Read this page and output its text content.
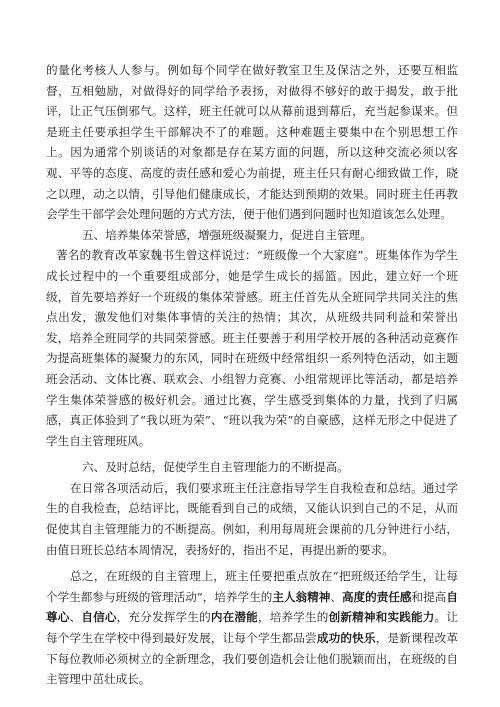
的量化考核人人参与。例如每个同学在做好教室卫生及保洁之外，还要互相监督，互相勉励，对做得好的同学给予表扬，对做得不够好的敢于揭发，敢于批评，让正气压倒邪气。这样，班主任就可以从幕前退到幕后，充当起参谋来。但是班主任要承担学生干部解决不了的难题。这种难题主要集中在个别思想工作上。因为通常个别谈话的对象都是存在某方面的问题，所以这种交流必须以客观、平等的态度、高度的责任感和爱心为前提，班主任只有耐心细致做工作，晓之以理，动之以情，引导他们健康成长，才能达到预期的效果。同时班主任再教会学生干部学会处理问题的方式方法，便于他们遇到问题时也知道该怎么处理。

五、培养集体荣誉感，增强班级凝聚力，促进自主管理。

著名的教育改革家魏书生曾这样说过：“班级像一个大家庭”。班集体作为学生成长过程中的一个重要组成部分，她是学生成长的摇篮。因此，建立好一个班级，首先要培养好一个班级的集体荣誉感。班主任首先从全班同学共同关注的焦点出发，激发他们对集体事情的关注的热情；其次，从班级共同利益和荣誉出发，培养全班同学的共同荣誉感。班主任要善于利用学校开展的各种活动竞赛作为提高班集体的凝聚力的东风，同时在班级中经常组织一系列特色活动，如主题班会活动、文体比赛、联欢会、小组智力竞赛、小组常规评比等活动，都是培养学生集体荣誉感的极好机会。通过比赛，学生感受到集体的力量，找到了归属感，真正体验到了“我以班为荣”、“班以我为荣”的自豪感，这样无形之中促进了学生自主管理班风。

六、及时总结，促使学生自主管理能力的不断提高。

在日常各项活动后，我们要求班主任注意指导学生自我检查和总结。通过学生的自我检查，总结评比，既能看到自己的成绩，又能认识到自己的不足，从而促使其自主管理能力的不断提高。例如，利用每周班会课前的几分钟进行小结，由值日班长总结本周情况，表扬好的，指出不足，再提出新的要求。

总之，在班级的自主管理上，班主任要把重点放在“把班级还给学生，让每个学生都参与班级的管理活动”，培养学生的主人翁精神、高度的责任感和提高自尊心、自信心，充分发挥学生的内在潜能，培养学生的创新精神和实践能力。让每个学生在学校中得到最好发展，让每个学生都品尝成功的快乐，是新课程改革下每位教师必须树立的全新理念，我们要创造机会让他们脱颖而出，在班级的自主管理中茁壮成长。
